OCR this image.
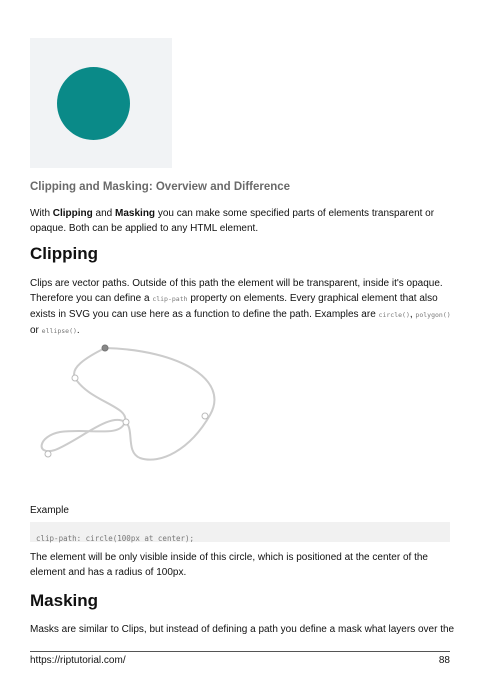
Clipping and Masking: Overview and Difference

With Clipping and Masking you can make some specified parts of elements transparent or opaque. Both can be applied to any HTML element.

Clipping

Clips are vector paths. Outside of this path the element will be transparent, inside it's opaque. Therefore you can define a clip-path property on elements. Every graphical element that also exists in SVG you can use here as a function to define the path. Examples are circle(), polygon()
or ellipse().

Example

clip-path: circle(100px at center);

The element will be only visible inside of this circle, which is positioned at the center of the element and has a radius of 100px.

Masking

Masks are similar to Clips, but instead of defining a path you define a mask what layers over the

https://riptutorial.com/	88
